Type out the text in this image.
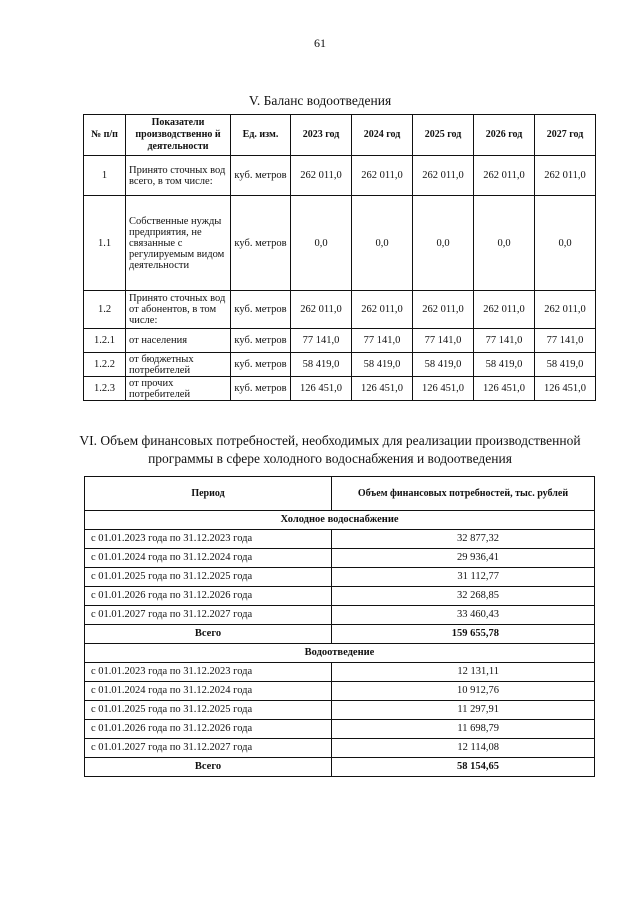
61
V. Баланс водоотведения
№ п/п	Показатели производственно й деятельности	Ед. изм.	2023 год	2024 год	2025 год	2026 год	2027 год
1	Принято сточных вод всего, в том числе:	куб. метров	262 011,0	262 011,0	262 011,0	262 011,0	262 011,0
1.1	Собственные нужды предприятия, не связанные с регулируемым видом деятельности	куб. метров	0,0	0,0	0,0	0,0	0,0
1.2	Принято сточных вод от абонентов, в том числе:	куб. метров	262 011,0	262 011,0	262 011,0	262 011,0	262 011,0
1.2.1	от населения	куб. метров	77 141,0	77 141,0	77 141,0	77 141,0	77 141,0
1.2.2	от бюджетных потребителей	куб. метров	58 419,0	58 419,0	58 419,0	58 419,0	58 419,0
1.2.3	от прочих потребителей	куб. метров	126 451,0	126 451,0	126 451,0	126 451,0	126 451,0
VI. Объем финансовых потребностей, необходимых для реализации производственной программы в сфере холодного водоснабжения и водоотведения
Период	Объем финансовых потребностей, тыс. рублей
Холодное водоснабжение	
с 01.01.2023 года по 31.12.2023 года	32 877,32
с 01.01.2024 года по 31.12.2024 года	29 936,41
с 01.01.2025 года по 31.12.2025 года	31 112,77
с 01.01.2026 года по 31.12.2026 года	32 268,85
с 01.01.2027 года по 31.12.2027 года	33 460,43
Всего	159 655,78
Водоотведение	
с 01.01.2023 года по 31.12.2023 года	12 131,11
с 01.01.2024 года по 31.12.2024 года	10 912,76
с 01.01.2025 года по 31.12.2025 года	11 297,91
с 01.01.2026 года по 31.12.2026 года	11 698,79
с 01.01.2027 года по 31.12.2027 года	12 114,08
Всего	58 154,65
